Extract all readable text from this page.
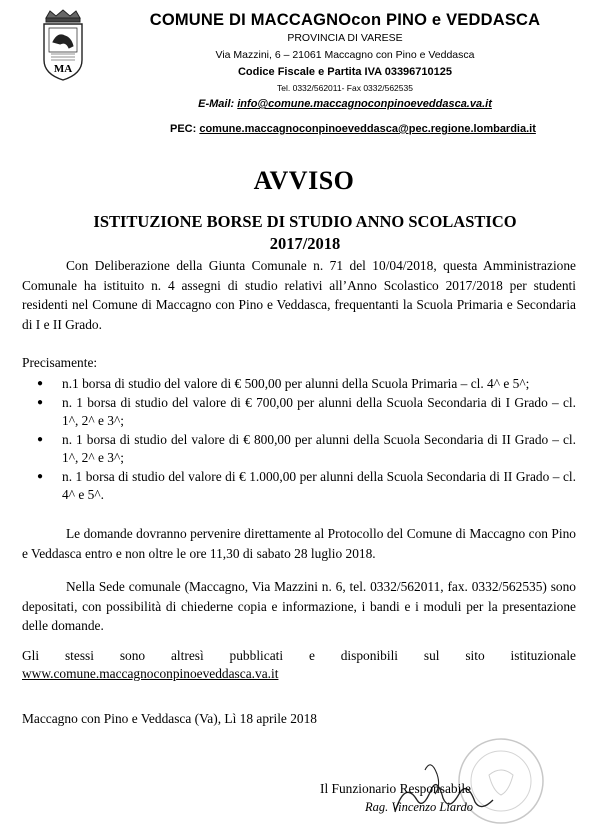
MA
COMUNE DI MACCAGNOcon PINO e VEDDASCA
PROVINCIA DI VARESE
Via Mazzini, 6 – 21061 Maccagno con Pino e Veddasca
Codice Fiscale e Partita IVA 03396710125
Tel. 0332/562011- Fax 0332/562535
E-Mail: info@comune.maccagnoconpinoeveddasca.va.it
PEC: comune.maccagnoconpinoeveddasca@pec.regione.lombardia.it
AVVISO
ISTITUZIONE BORSE DI STUDIO ANNO SCOLASTICO
2017/2018

Con Deliberazione della Giunta Comunale n. 71 del 10/04/2018, questa Amministrazione Comunale ha istituito n. 4 assegni di studio relativi all’Anno Scolastico 2017/2018 per studenti residenti nel Comune di Maccagno con Pino e Veddasca, frequentanti la Scuola Primaria e Secondaria di I e II Grado.

Precisamente:

● n.1 borsa di studio del valore di € 500,00 per alunni della Scuola Primaria – cl. 4^ e 5^;
● n. 1 borsa di studio del valore di € 700,00 per alunni della Scuola Secondaria di I Grado – cl. 1^, 2^ e 3^;
● n. 1 borsa di studio del valore di € 800,00 per alunni della Scuola Secondaria di II Grado – cl. 1^, 2^ e 3^;
● n. 1 borsa di studio del valore di € 1.000,00 per alunni della Scuola Secondaria di II Grado – cl. 4^ e 5^.

Le domande dovranno pervenire direttamente al Protocollo del Comune di Maccagno con Pino e Veddasca entro e non oltre le ore 11,30 di sabato 28 luglio 2018.

Nella Sede comunale (Maccagno, Via Mazzini n. 6, tel. 0332/562011, fax. 0332/562535) sono depositati, con possibilità di chiederne copia e informazione, i bandi e i moduli per la presentazione delle domande.

Gli stessi sono altresì pubblicati e disponibili sul sito istituzionale

www.comune.maccagnoconpinoeveddasca.va.it

Maccagno con Pino e Veddasca (Va), Lì 18 aprile 2018

Il Funzionario Responsabile
Rag. Vincenzo Liardo
